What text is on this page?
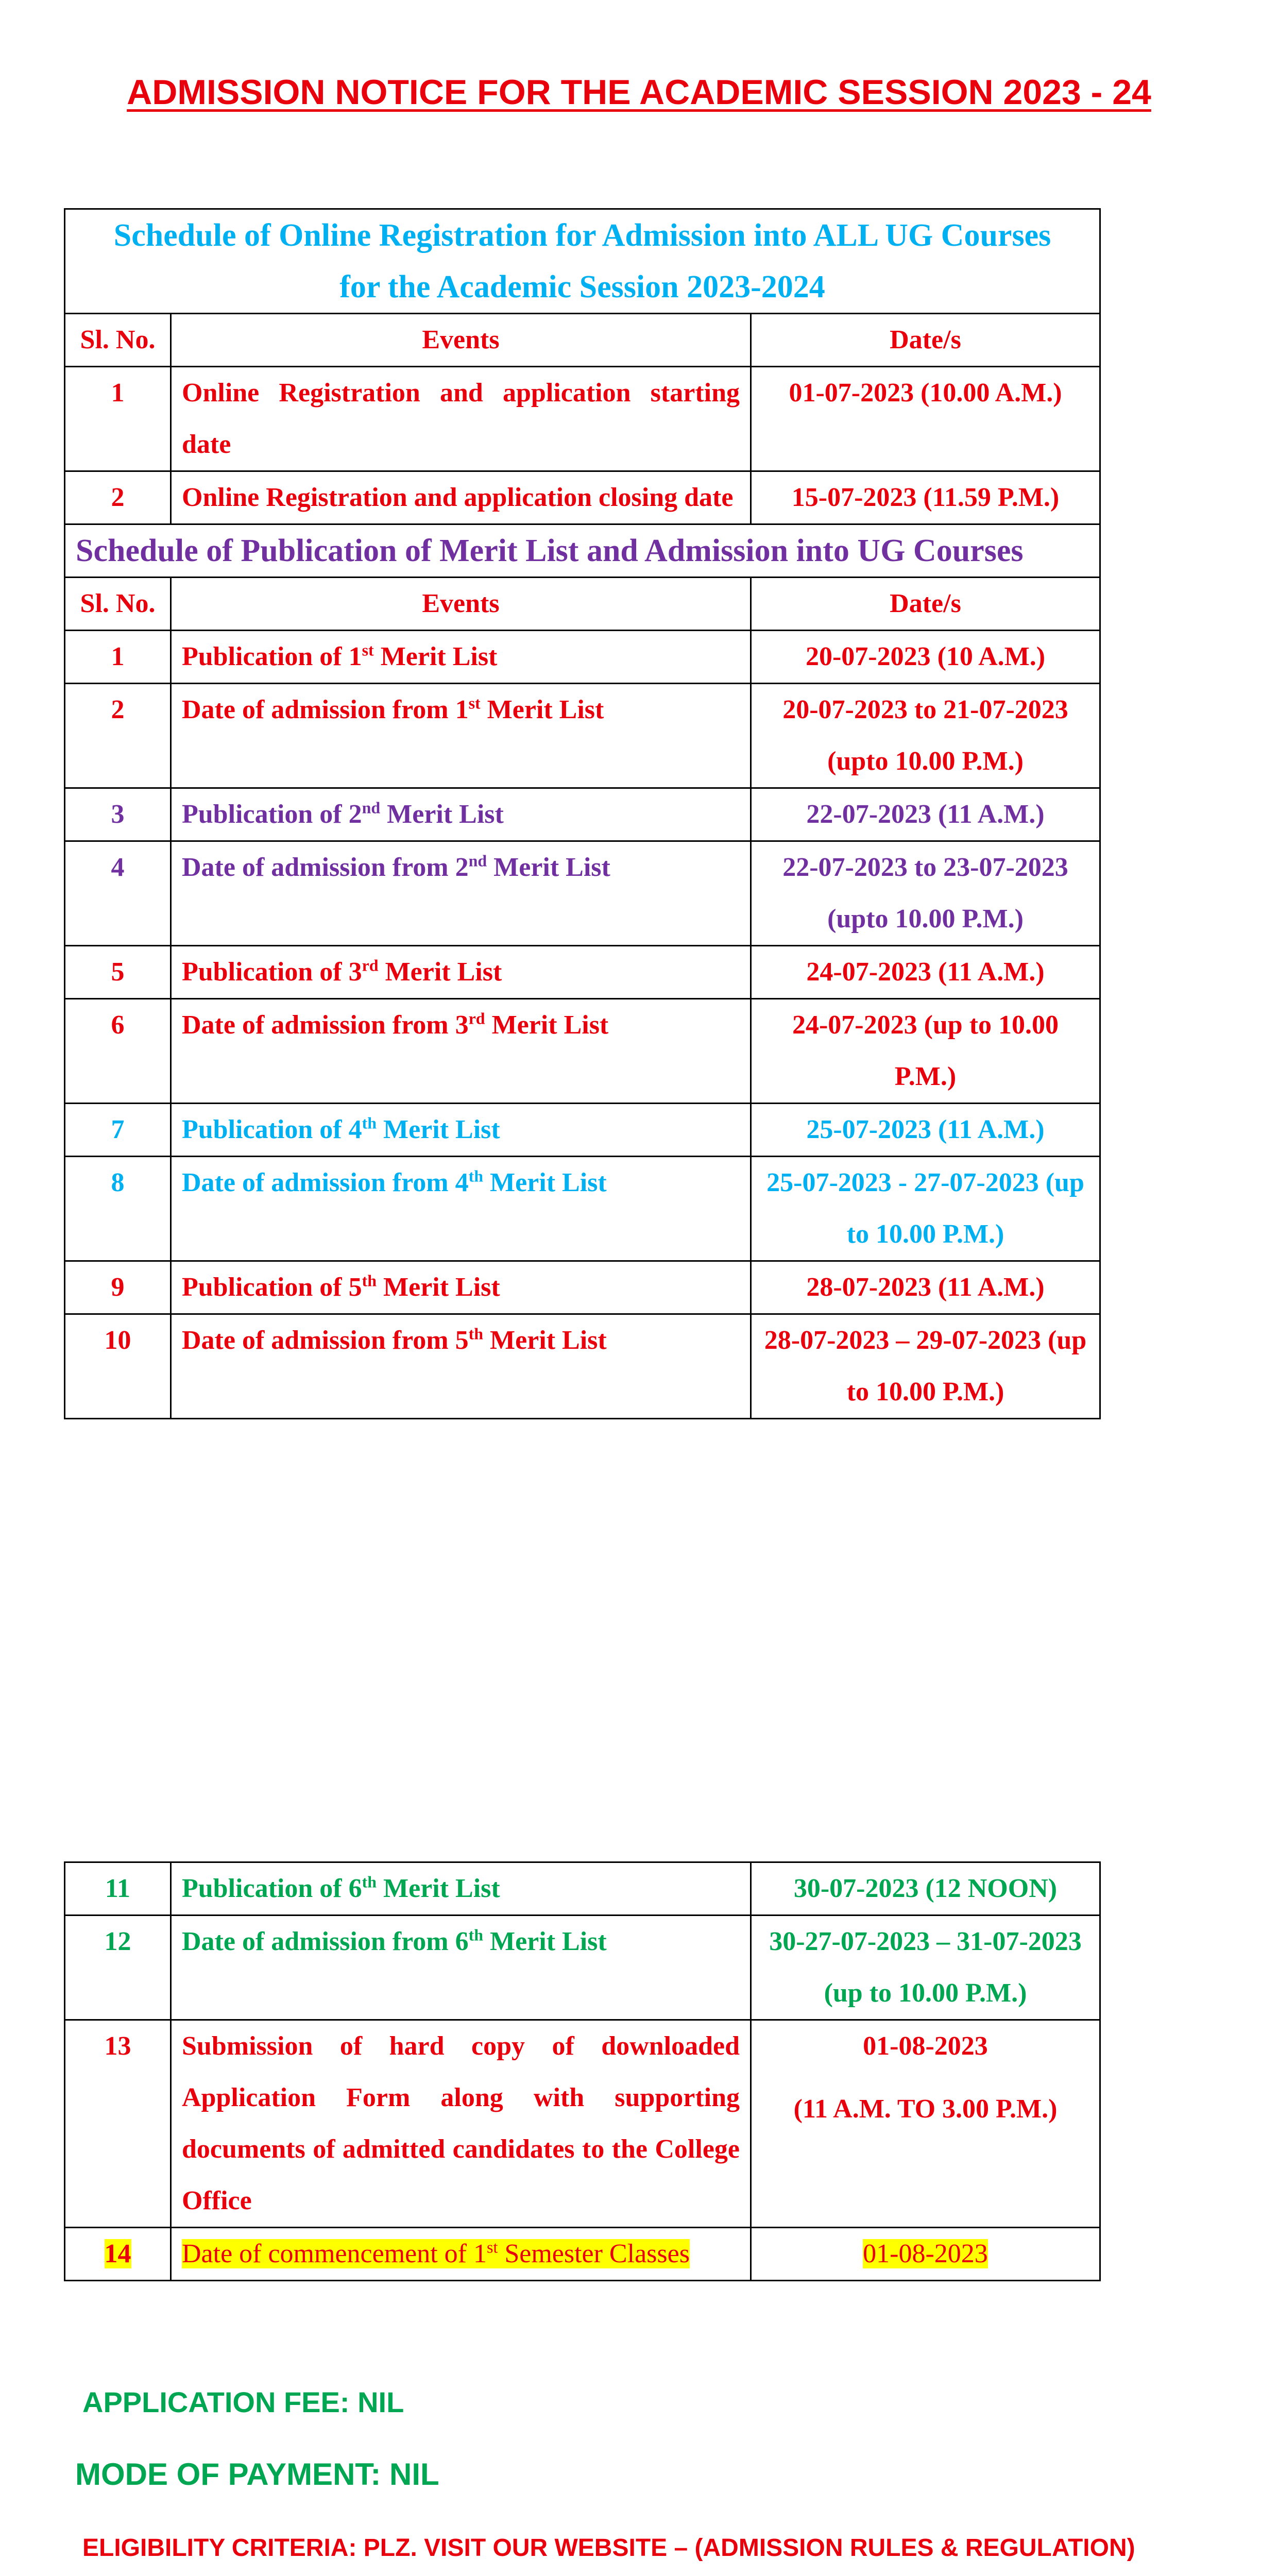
ADMISSION NOTICE FOR THE ACADEMIC SESSION 2023 - 24
Schedule of Online Registration for Admission into ALL UG Courses
for the Academic Session 2023-2024		
Sl. No.	Events	Date/s
1	Online Registration and application starting date	01-07-2023 (10.00 A.M.)
2	Online Registration and application closing date	15-07-2023 (11.59 P.M.)
Schedule of Publication of Merit List and Admission into UG Courses		
Sl. No.	Events	Date/s
1	Publication of 1st Merit List	20-07-2023 (10 A.M.)
2	Date of admission from 1st Merit List	20-07-2023 to 21-07-2023 (upto 10.00 P.M.)
3	Publication of 2nd Merit List	22-07-2023 (11 A.M.)
4	Date of admission from 2nd Merit List	22-07-2023 to 23-07-2023 (upto 10.00 P.M.)
5	Publication of 3rd Merit List	24-07-2023 (11 A.M.)
6	Date of admission from 3rd Merit List	24-07-2023 (up to 10.00 P.M.)
7	Publication of 4th Merit List	25-07-2023 (11 A.M.)
8	Date of admission from 4th Merit List	25-07-2023 - 27-07-2023 (up to 10.00 P.M.)
9	Publication of 5th Merit List	28-07-2023 (11 A.M.)
10	Date of admission from 5th Merit List	28-07-2023 – 29-07-2023 (up to 10.00 P.M.)
11	Publication of 6th Merit List	30-07-2023 (12 NOON)
12	Date of admission from 6th Merit List	30-27-07-2023 – 31-07-2023 (up to 10.00 P.M.)
13	Submission of hard copy of downloaded Application Form along with supporting documents of admitted candidates to the College Office	01-08-2023
(11 A.M. TO 3.00 P.M.)

14	Date of commencement of 1st Semester Classes	01-08-2023
APPLICATION FEE: NIL
MODE OF PAYMENT: NIL
ELIGIBILITY CRITERIA: PLZ. VISIT OUR WEBSITE – (ADMISSION RULES & REGULATION)
